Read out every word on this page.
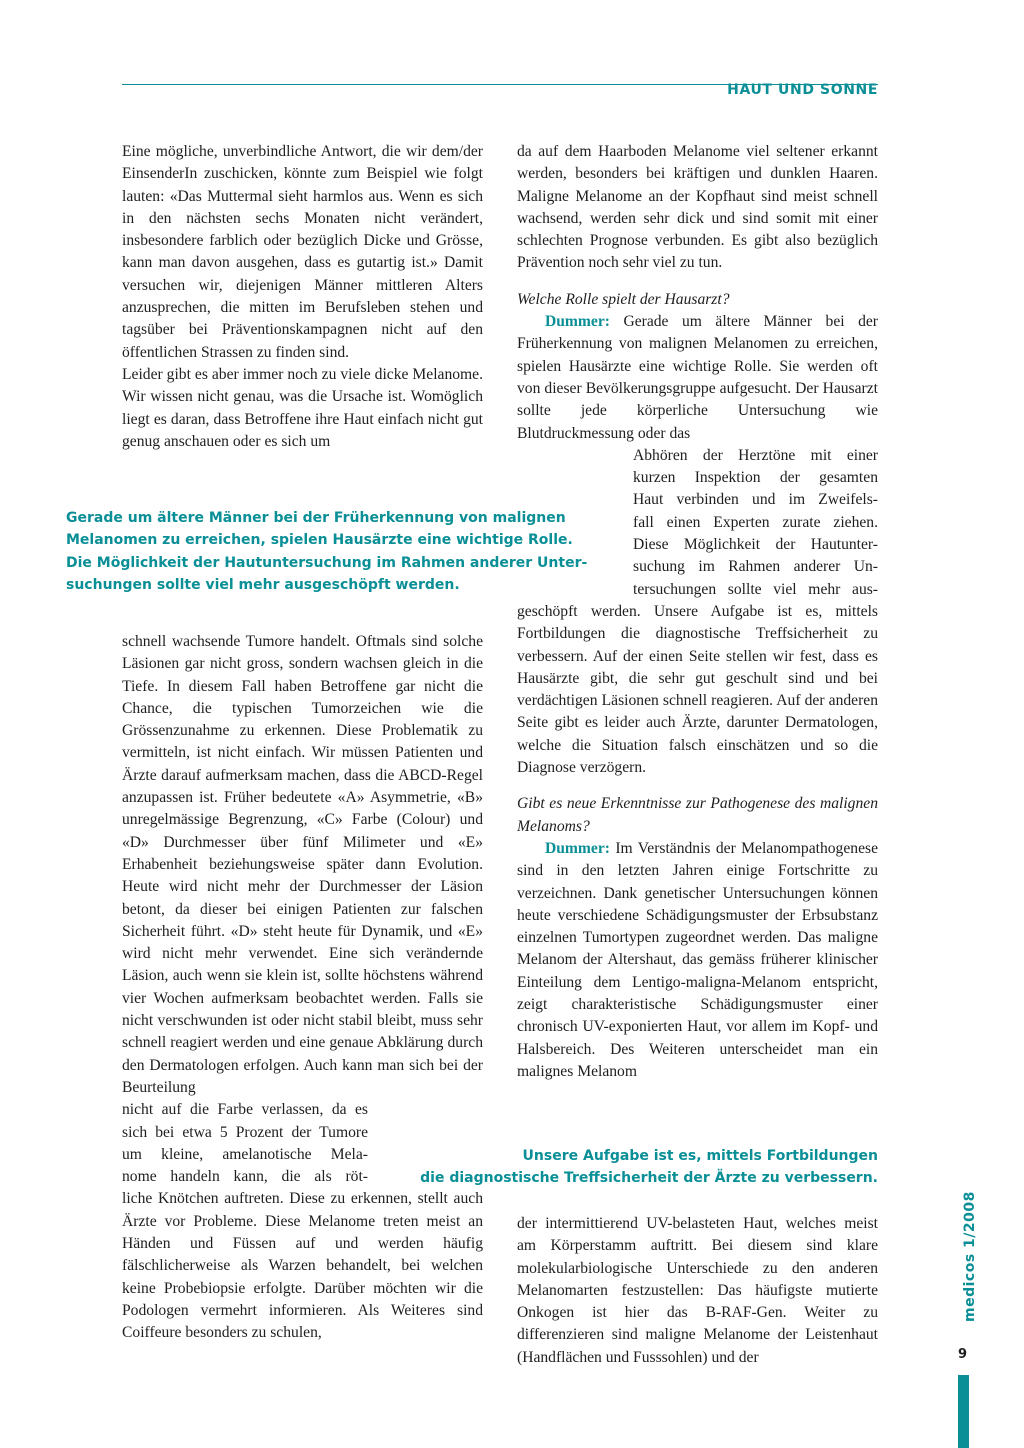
HAUT UND SONNE

Eine mögliche, unverbindliche Antwort, die wir dem/der EinsenderIn zuschicken, könnte zum Beispiel wie folgt lauten: «Das Muttermal sieht harmlos aus. Wenn es sich in den nächsten sechs Monaten nicht verändert, insbesondere farblich oder bezüglich Dicke und Grösse, kann man davon ausgehen, dass es gutartig ist.» Damit versuchen wir, diejenigen Männer mittleren Alters anzusprechen, die mitten im Berufsleben stehen und tagsüber bei Präventionskampagnen nicht auf den öffentlichen Strassen zu finden sind.

Leider gibt es aber immer noch zu viele dicke Melanome. Wir wissen nicht genau, was die Ursache ist. Womöglich liegt es daran, dass Betroffene ihre Haut einfach nicht gut genug anschauen oder es sich um

Gerade um ältere Männer bei der Früherkennung von malignen

Melanomen zu erreichen, spielen Hausärzte eine wichtige Rolle.

Die Möglichkeit der Hautuntersuchung im Rahmen anderer Unter-

suchungen sollte viel mehr ausgeschöpft werden.

schnell wachsende Tumore handelt. Oftmals sind solche Läsionen gar nicht gross, sondern wachsen gleich in die Tiefe. In diesem Fall haben Betroffene gar nicht die Chance, die typischen Tumorzeichen wie die Grössenzunahme zu erkennen. Diese Problematik zu vermitteln, ist nicht einfach. Wir müssen Patienten und Ärzte darauf aufmerksam machen, dass die ABCD-Regel anzupassen ist. Früher bedeutete «A» Asymmetrie, «B» unregelmässige Begrenzung, «C» Farbe (Colour) und «D» Durchmesser über fünf Milimeter und «E» Erhabenheit beziehungsweise später dann Evolution. Heute wird nicht mehr der Durchmesser der Läsion betont, da dieser bei einigen Patienten zur falschen Sicherheit führt. «D» steht heute für Dynamik, und «E» wird nicht mehr verwendet. Eine sich verändernde Läsion, auch wenn sie klein ist, sollte höchstens während vier Wochen aufmerksam beobachtet werden. Falls sie nicht verschwunden ist oder nicht stabil bleibt, muss sehr schnell reagiert werden und eine genaue Abklärung durch den Dermatologen erfolgen. Auch kann man sich bei der Beurteilung

nicht auf die Farbe verlassen, da es

sich bei etwa 5 Prozent der Tumore

um kleine, amelanotische Mela-

nome handeln kann, die als röt-

liche Knötchen auftreten. Diese zu erkennen, stellt auch Ärzte vor Probleme. Diese Melanome treten meist an Händen und Füssen auf und werden häufig fälschlicherweise als Warzen behandelt, bei welchen keine Probebiopsie erfolgte. Darüber möchten wir die Podologen vermehrt informieren. Als Weiteres sind Coiffeure besonders zu schulen,

da auf dem Haarboden Melanome viel seltener erkannt werden, besonders bei kräftigen und dunklen Haaren. Maligne Melanome an der Kopfhaut sind meist schnell wachsend, werden sehr dick und sind somit mit einer schlechten Prognose verbunden. Es gibt also bezüglich Prävention noch sehr viel zu tun.

Welche Rolle spielt der Hausarzt?

Dummer: Gerade um ältere Männer bei der Früherkennung von malignen Melanomen zu erreichen, spielen Hausärzte eine wichtige Rolle. Sie werden oft von dieser Bevölkerungsgruppe aufgesucht. Der Hausarzt sollte jede körperliche Untersuchung wie Blutdruckmessung oder das

Abhören der Herztöne mit einer

kurzen Inspektion der gesamten

Haut verbinden und im Zweifels-

fall einen Experten zurate ziehen.

Diese Möglichkeit der Hautunter-

suchung im Rahmen anderer Un-

tersuchungen sollte viel mehr aus-

geschöpft werden. Unsere Aufgabe ist es, mittels Fortbildungen die diagnostische Treffsicherheit zu verbessern. Auf der einen Seite stellen wir fest, dass es Hausärzte gibt, die sehr gut geschult sind und bei verdächtigen Läsionen schnell reagieren. Auf der anderen Seite gibt es leider auch Ärzte, darunter Dermatologen, welche die Situation falsch einschätzen und so die Diagnose verzögern.

Gibt es neue Erkenntnisse zur Pathogenese des malignen Melanoms?

Dummer: Im Verständnis der Melanompathogenese sind in den letzten Jahren einige Fortschritte zu verzeichnen. Dank genetischer Untersuchungen können heute verschiedene Schädigungsmuster der Erbsubstanz einzelnen Tumortypen zugeordnet werden. Das maligne Melanom der Altershaut, das gemäss früherer klinischer Einteilung dem Lentigo-maligna-Melanom entspricht, zeigt charakteristische Schädigungsmuster einer chronisch UV-exponierten Haut, vor allem im Kopf- und Halsbereich. Des Weiteren unterscheidet man ein malignes Melanom

Unsere Aufgabe ist es, mittels Fortbildungen

die diagnostische Treffsicherheit der Ärzte zu verbessern.

der intermittierend UV-belasteten Haut, welches meist am Körperstamm auftritt. Bei diesem sind klare molekularbiologische Unterschiede zu den anderen Melanomarten festzustellen: Das häufigste mutierte Onkogen ist hier das B-RAF-Gen. Weiter zu differenzieren sind maligne Melanome der Leistenhaut (Handflächen und Fusssohlen) und der

medicos 1/2008
9
